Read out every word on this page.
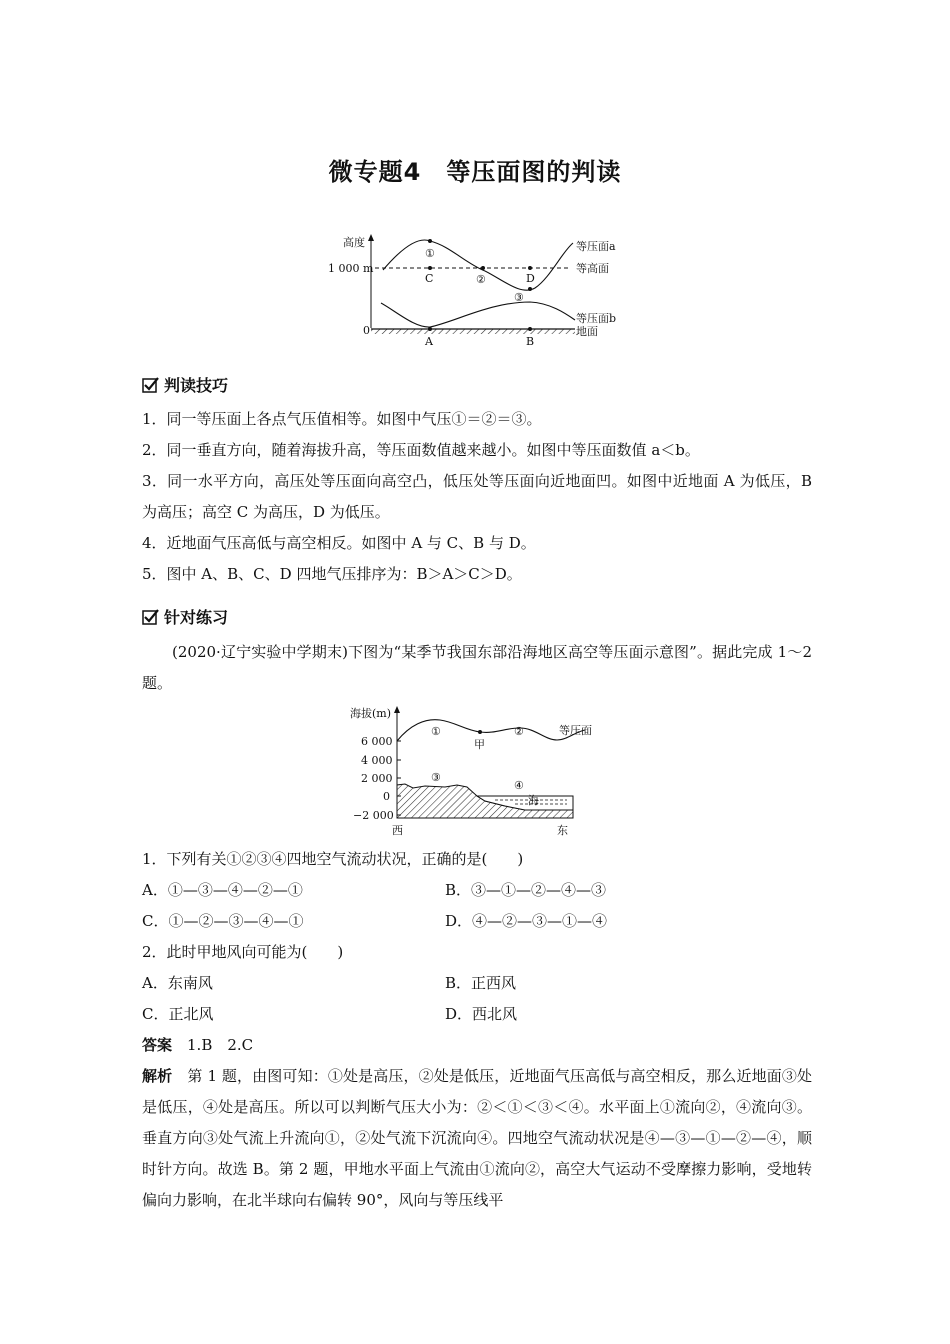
微专题4　等压面图的判读
高度
1 000 m
0
①
C	②	D
③
A	B
等压面a
等高面
等压面b
地面
判读技巧
1．同一等压面上各点气压值相等。如图中气压①＝②＝③。
2．同一垂直方向，随着海拔升高，等压面数值越来越小。如图中等压面数值 a＜b。
3．同一水平方向，高压处等压面向高空凸，低压处等压面向近地面凹。如图中近地面 A 为低压，B 为高压；高空 C 为高压，D 为低压。
4．近地面气压高低与高空相反。如图中 A 与 C、B 与 D。
5．图中 A、B、C、D 四地气压排序为：B＞A＞C＞D。
针对练习
(2020·辽宁实验中学期末)下图为“某季节我国东部沿海地区高空等压面示意图”。据此完成 1～2 题。
海拔(m)
6 000
4 000
2 000
0
−2 000
①
甲
②	等压面
③
④
海
西	东
1．下列有关①②③④四地空气流动状况，正确的是(　　)
A．①—③—④—②—①	B．③—①—②—④—③
C．①—②—③—④—①	D．④—②—③—①—④
2．此时甲地风向可能为(　　)
A．东南风	B．正西风
C．正北风	D．西北风
答案　1.B　2.C
解析　第 1 题，由图可知：①处是高压，②处是低压，近地面气压高低与高空相反，那么近地面③处是低压，④处是高压。所以可以判断气压大小为：②＜①＜③＜④。水平面上①流向②，④流向③。垂直方向③处气流上升流向①，②处气流下沉流向④。四地空气流动状况是④—③—①—②—④，顺时针方向。故选 B。第 2 题，甲地水平面上气流由①流向②，高空大气运动不受摩擦力影响，受地转偏向力影响，在北半球向右偏转 90°，风向与等压线平
